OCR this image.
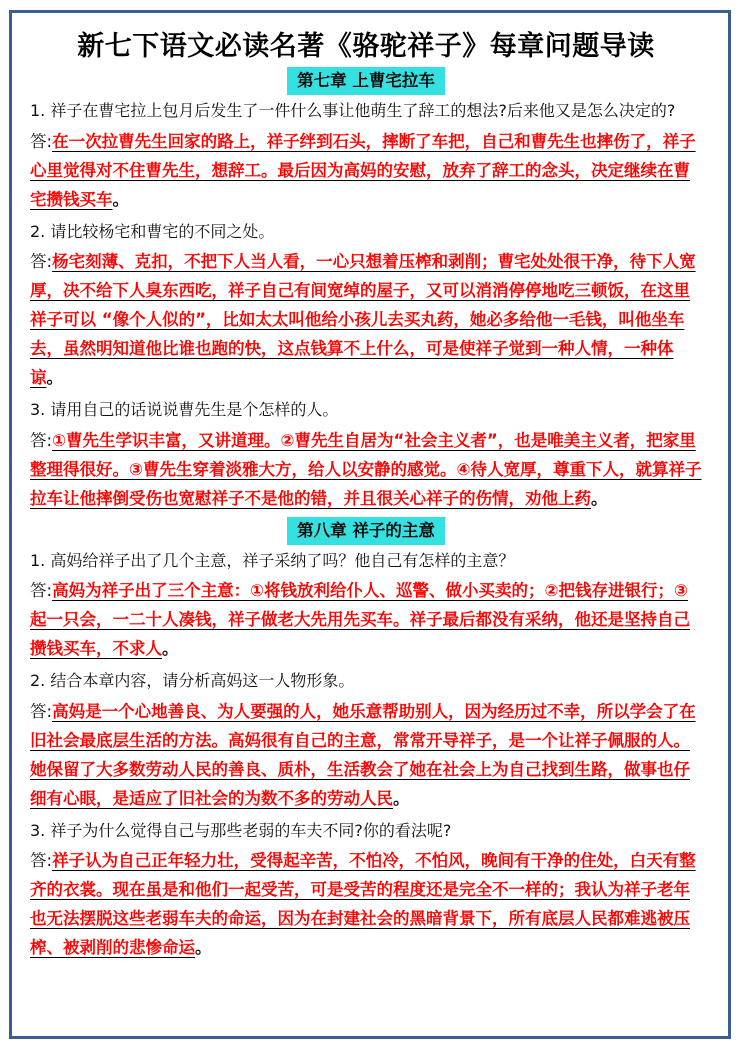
新七下语文必读名著《骆驼祥子》每章问题导读
第七章 上曹宅拉车
1. 祥子在曹宅拉上包月后发生了一件什么事让他萌生了辞工的想法?后来他又是怎么决定的?
答:在一次拉曹先生回家的路上，祥子绊到石头，摔断了车把，自己和曹先生也摔伤了，祥子心里觉得对不住曹先生，想辞工。最后因为高妈的安慰，放弃了辞工的念头，决定继续在曹宅攒钱买车。
2. 请比较杨宅和曹宅的不同之处。
答:杨宅刻薄、克扣，不把下人当人看，一心只想着压榨和剥削；曹宅处处很干净，待下人宽厚，决不给下人臭东西吃，祥子自己有间宽绰的屋子，又可以消消停停地吃三顿饭，在这里祥子可以 “像个人似的”，比如太太叫他给小孩儿去买丸药，她必多给他一毛钱，叫他坐车去，虽然明知道他比谁也跑的快，这点钱算不上什么，可是使祥子觉到一种人情，一种体谅。
3. 请用自己的话说说曹先生是个怎样的人。
答:①曹先生学识丰富，又讲道理。②曹先生自居为“社会主义者”，也是唯美主义者，把家里整理得很好。③曹先生穿着淡雅大方，给人以安静的感觉。④待人宽厚，尊重下人，就算祥子拉车让他摔倒受伤也宽慰祥子不是他的错，并且很关心祥子的伤情，劝他上药。
第八章 祥子的主意
1. 高妈给祥子出了几个主意，祥子采纳了吗？他自己有怎样的主意？
答:高妈为祥子出了三个主意：①将钱放利给仆人、巡警、做小买卖的；②把钱存进银行；③起一只会，一二十人凑钱，祥子做老大先用先买车。祥子最后都没有采纳，他还是坚持自己攒钱买车，不求人。
2. 结合本章内容，请分析高妈这一人物形象。
答:高妈是一个心地善良、为人要强的人，她乐意帮助别人，因为经历过不幸，所以学会了在旧社会最底层生活的方法。高妈很有自己的主意，常常开导祥子，是一个让祥子佩服的人。她保留了大多数劳动人民的善良、质朴，生活教会了她在社会上为自己找到生路，做事也仔细有心眼，是适应了旧社会的为数不多的劳动人民。
3. 祥子为什么觉得自己与那些老弱的车夫不同?你的看法呢?
答:祥子认为自己正年轻力壮，受得起辛苦，不怕冷，不怕风，晚间有干净的住处，白天有整齐的衣裳。现在虽是和他们一起受苦，可是受苦的程度还是完全不一样的；我认为祥子老年也无法摆脱这些老弱车夫的命运，因为在封建社会的黑暗背景下，所有底层人民都难逃被压榨、被剥削的悲惨命运。
